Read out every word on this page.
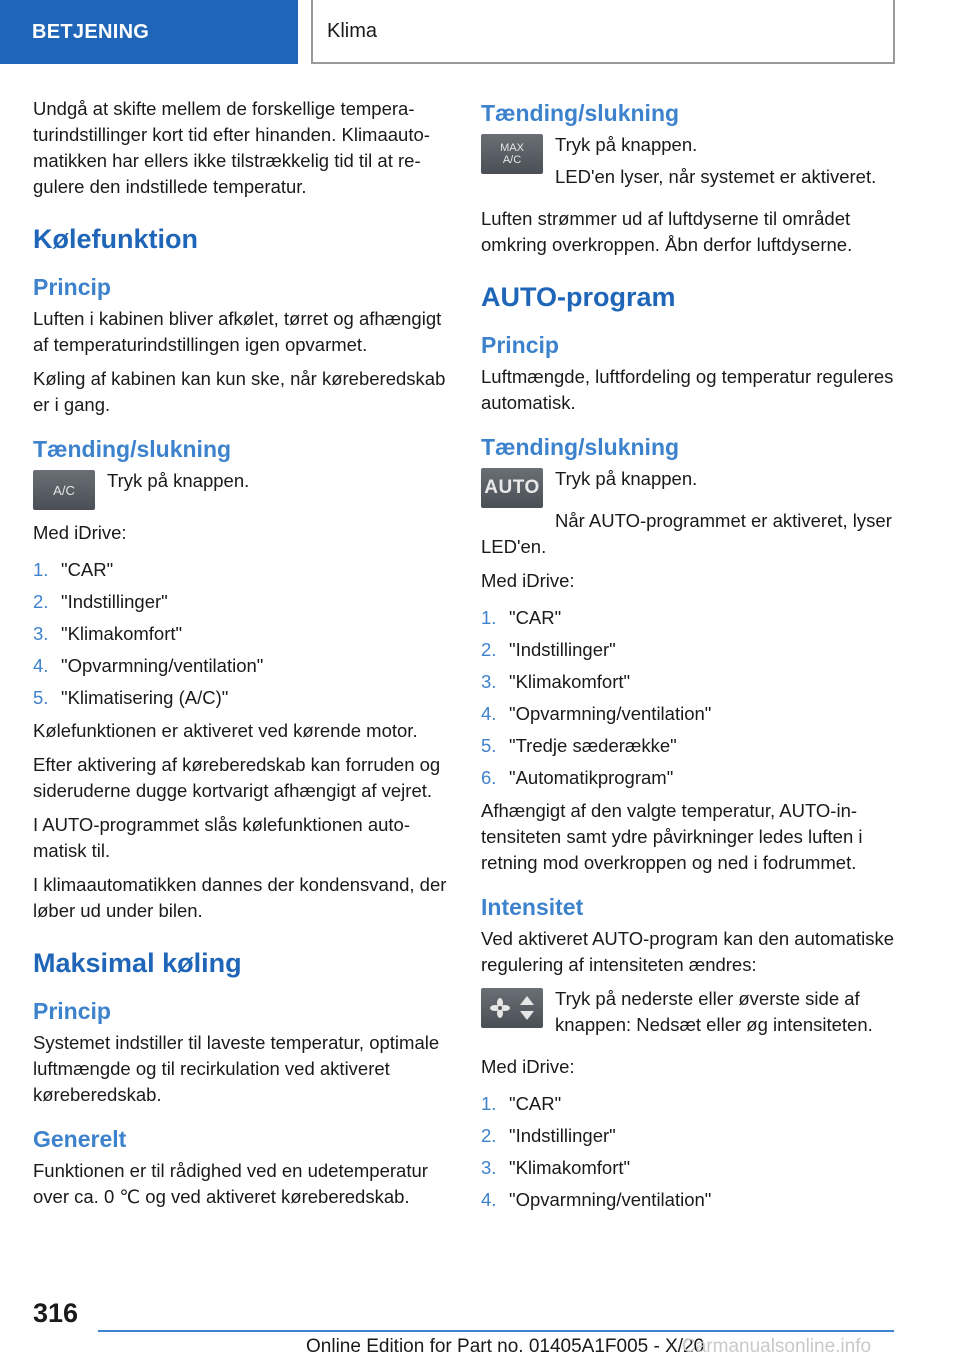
BETJENING	Klima

Undgå at skifte mellem de forskellige temperaturindstillinger kort tid efter hinanden. Klimaautomatikken har ellers ikke tilstrækkelig tid til at regulere den indstillede temperatur.

Kølefunktion
Princip

Luften i kabinen bliver afkølet, tørret og afhængigt af temperaturindstillingen igen opvarmet.

Køling af kabinen kan kun ske, når køreberedskab er i gang.

Tænding/slukning
A/C	Tryk på knappen.

Med iDrive:

1. "CAR"
2. "Indstillinger"
3. "Klimakomfort"
4. "Opvarmning/ventilation"
5. "Klimatisering (A/C)"

Kølefunktionen er aktiveret ved kørende motor.

Efter aktivering af køreberedskab kan forruden og sideruderne dugge kortvarigt afhængigt af vejret.

I AUTO-programmet slås kølefunktionen automatisk til.

I klimaautomatikken dannes der kondensvand, der løber ud under bilen.

Maksimal køling
Princip

Systemet indstiller til laveste temperatur, optimale luftmængde og til recirkulation ved aktiveret køreberedskab.

Generelt

Funktionen er til rådighed ved en udetemperatur over ca. 0 ℃ og ved aktiveret køreberedskab.

Tænding/slukning
MAX
A/C

Tryk på knappen.

LED'en lyser, når systemet er aktiveret.

Luften strømmer ud af luftdyserne til området omkring overkroppen. Åbn derfor luftdyserne.

AUTO-program
Princip

Luftmængde, luftfordeling og temperatur reguleres automatisk.

Tænding/slukning
AUTO Tryk på knappen.

Når AUTO-programmet er aktiveret, lyser LED'en.

Med iDrive:

1. "CAR"
2. "Indstillinger"
3. "Klimakomfort"
4. "Opvarmning/ventilation"
5. "Tredje sæderække"
6. "Automatikprogram"

Afhængigt af den valgte temperatur, AUTO-intensiteten samt ydre påvirkninger ledes luften i retning mod overkroppen og ned i fodrummet.

Intensitet

Ved aktiveret AUTO-program kan den automatiske regulering af intensiteten ændres:

Tryk på nederste eller øverste side af knappen: Nedsæt eller øg intensiteten.

Med iDrive:

1. "CAR"
2. "Indstillinger"
3. "Klimakomfort"
4. "Opvarmning/ventilation"
316
Online Edition for Part no. 01405A1F005 - X/20
Carmanualsonline.info
